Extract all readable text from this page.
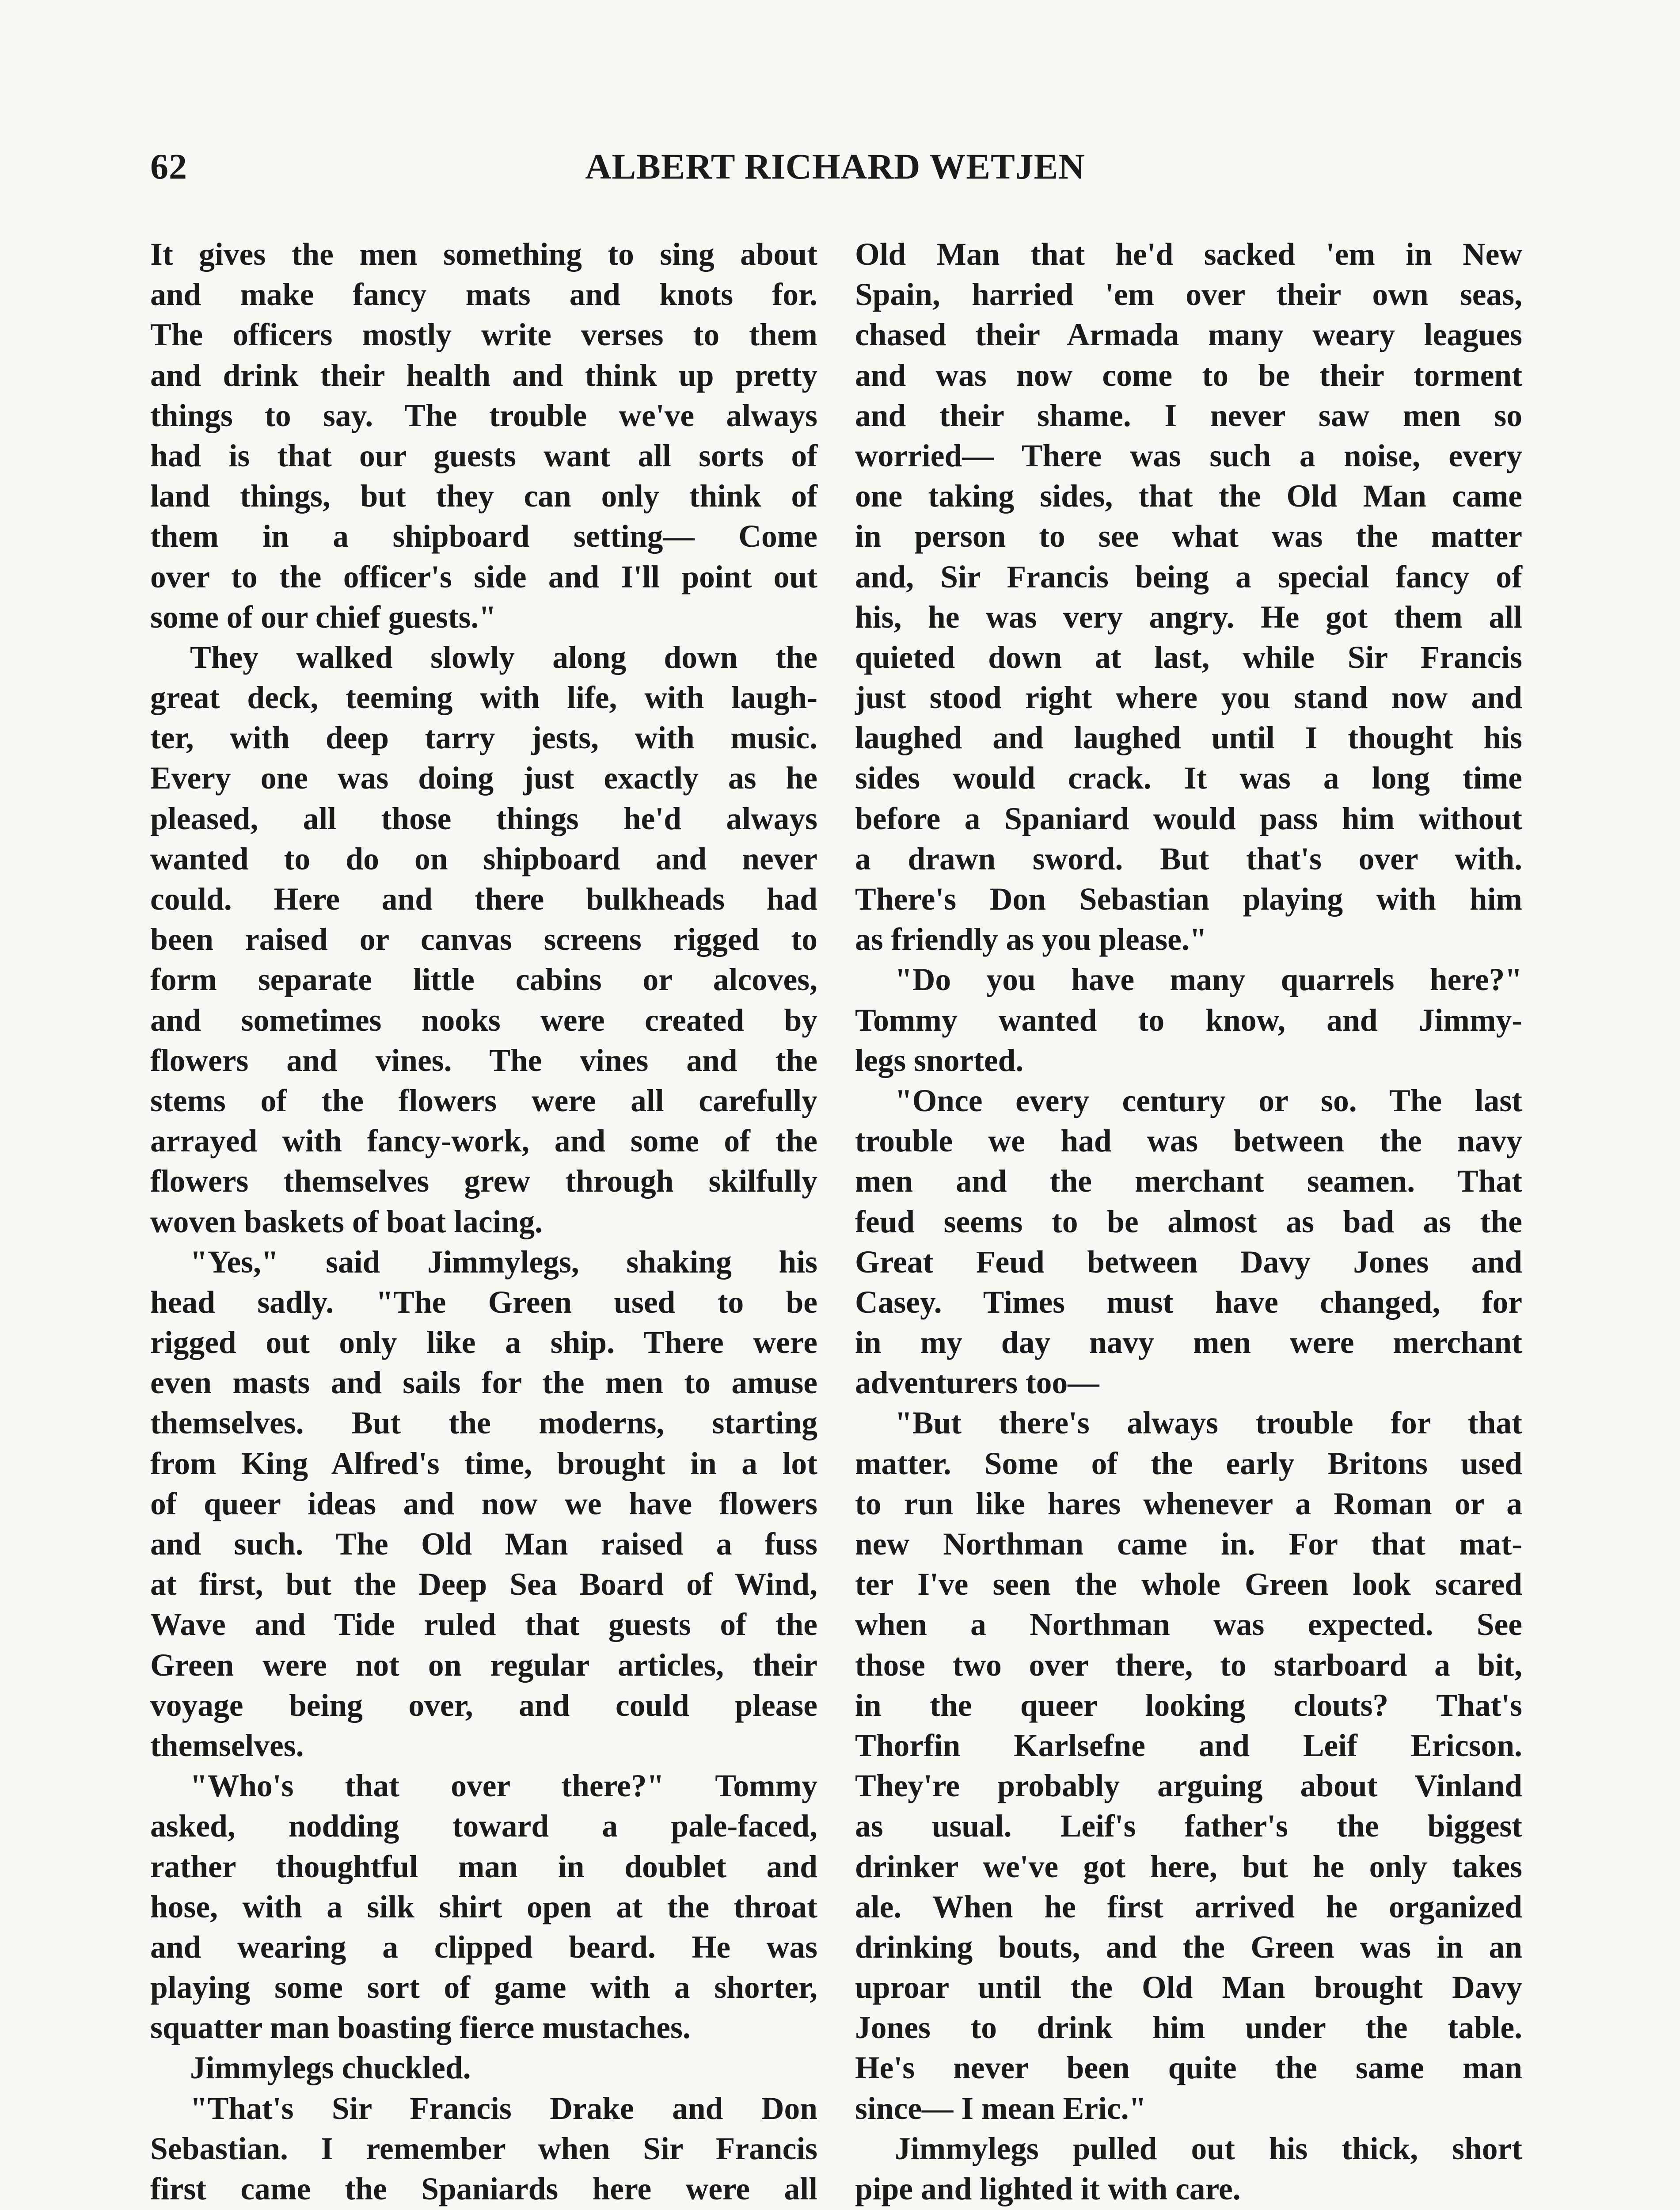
62	ALBERT RICHARD WETJEN
It gives the men something to sing about
and make fancy mats and knots for.
The officers mostly write verses to them
and drink their health and think up pretty
things to say. The trouble we've always
had is that our guests want all sorts of
land things, but they can only think of
them in a shipboard setting— Come
over to the officer's side and I'll point out
some of our chief guests."
They walked slowly along down the
great deck, teeming with life, with laugh-
ter, with deep tarry jests, with music.
Every one was doing just exactly as he
pleased, all those things he'd always
wanted to do on shipboard and never
could. Here and there bulkheads had
been raised or canvas screens rigged to
form separate little cabins or alcoves,
and sometimes nooks were created by
flowers and vines. The vines and the
stems of the flowers were all carefully
arrayed with fancy-work, and some of the
flowers themselves grew through skilfully
woven baskets of boat lacing.
"Yes," said Jimmylegs, shaking his
head sadly. "The Green used to be
rigged out only like a ship. There were
even masts and sails for the men to amuse
themselves. But the moderns, starting
from King Alfred's time, brought in a lot
of queer ideas and now we have flowers
and such. The Old Man raised a fuss
at first, but the Deep Sea Board of Wind,
Wave and Tide ruled that guests of the
Green were not on regular articles, their
voyage being over, and could please
themselves.
"Who's that over there?" Tommy
asked, nodding toward a pale-faced,
rather thoughtful man in doublet and
hose, with a silk shirt open at the throat
and wearing a clipped beard. He was
playing some sort of game with a shorter,
squatter man boasting fierce mustaches.
Jimmylegs chuckled.
"That's Sir Francis Drake and Don
Sebastian. I remember when Sir Francis
first came the Spaniards here were all
Old Man that he'd sacked 'em in New
Spain, harried 'em over their own seas,
chased their Armada many weary leagues
and was now come to be their torment
and their shame. I never saw men so
worried— There was such a noise, every
one taking sides, that the Old Man came
in person to see what was the matter
and, Sir Francis being a special fancy of
his, he was very angry. He got them all
quieted down at last, while Sir Francis
just stood right where you stand now and
laughed and laughed until I thought his
sides would crack. It was a long time
before a Spaniard would pass him without
a drawn sword. But that's over with.
There's Don Sebastian playing with him
as friendly as you please."
"Do you have many quarrels here?"
Tommy wanted to know, and Jimmy-
legs snorted.
"Once every century or so. The last
trouble we had was between the navy
men and the merchant seamen. That
feud seems to be almost as bad as the
Great Feud between Davy Jones and
Casey. Times must have changed, for
in my day navy men were merchant
adventurers too—
"But there's always trouble for that
matter. Some of the early Britons used
to run like hares whenever a Roman or a
new Northman came in. For that mat-
ter I've seen the whole Green look scared
when a Northman was expected. See
those two over there, to starboard a bit,
in the queer looking clouts? That's
Thorfin Karlsefne and Leif Ericson.
They're probably arguing about Vinland
as usual. Leif's father's the biggest
drinker we've got here, but he only takes
ale. When he first arrived he organized
drinking bouts, and the Green was in an
uproar until the Old Man brought Davy
Jones to drink him under the table.
He's never been quite the same man
since— I mean Eric."
Jimmylegs pulled out his thick, short
pipe and lighted it with care.
